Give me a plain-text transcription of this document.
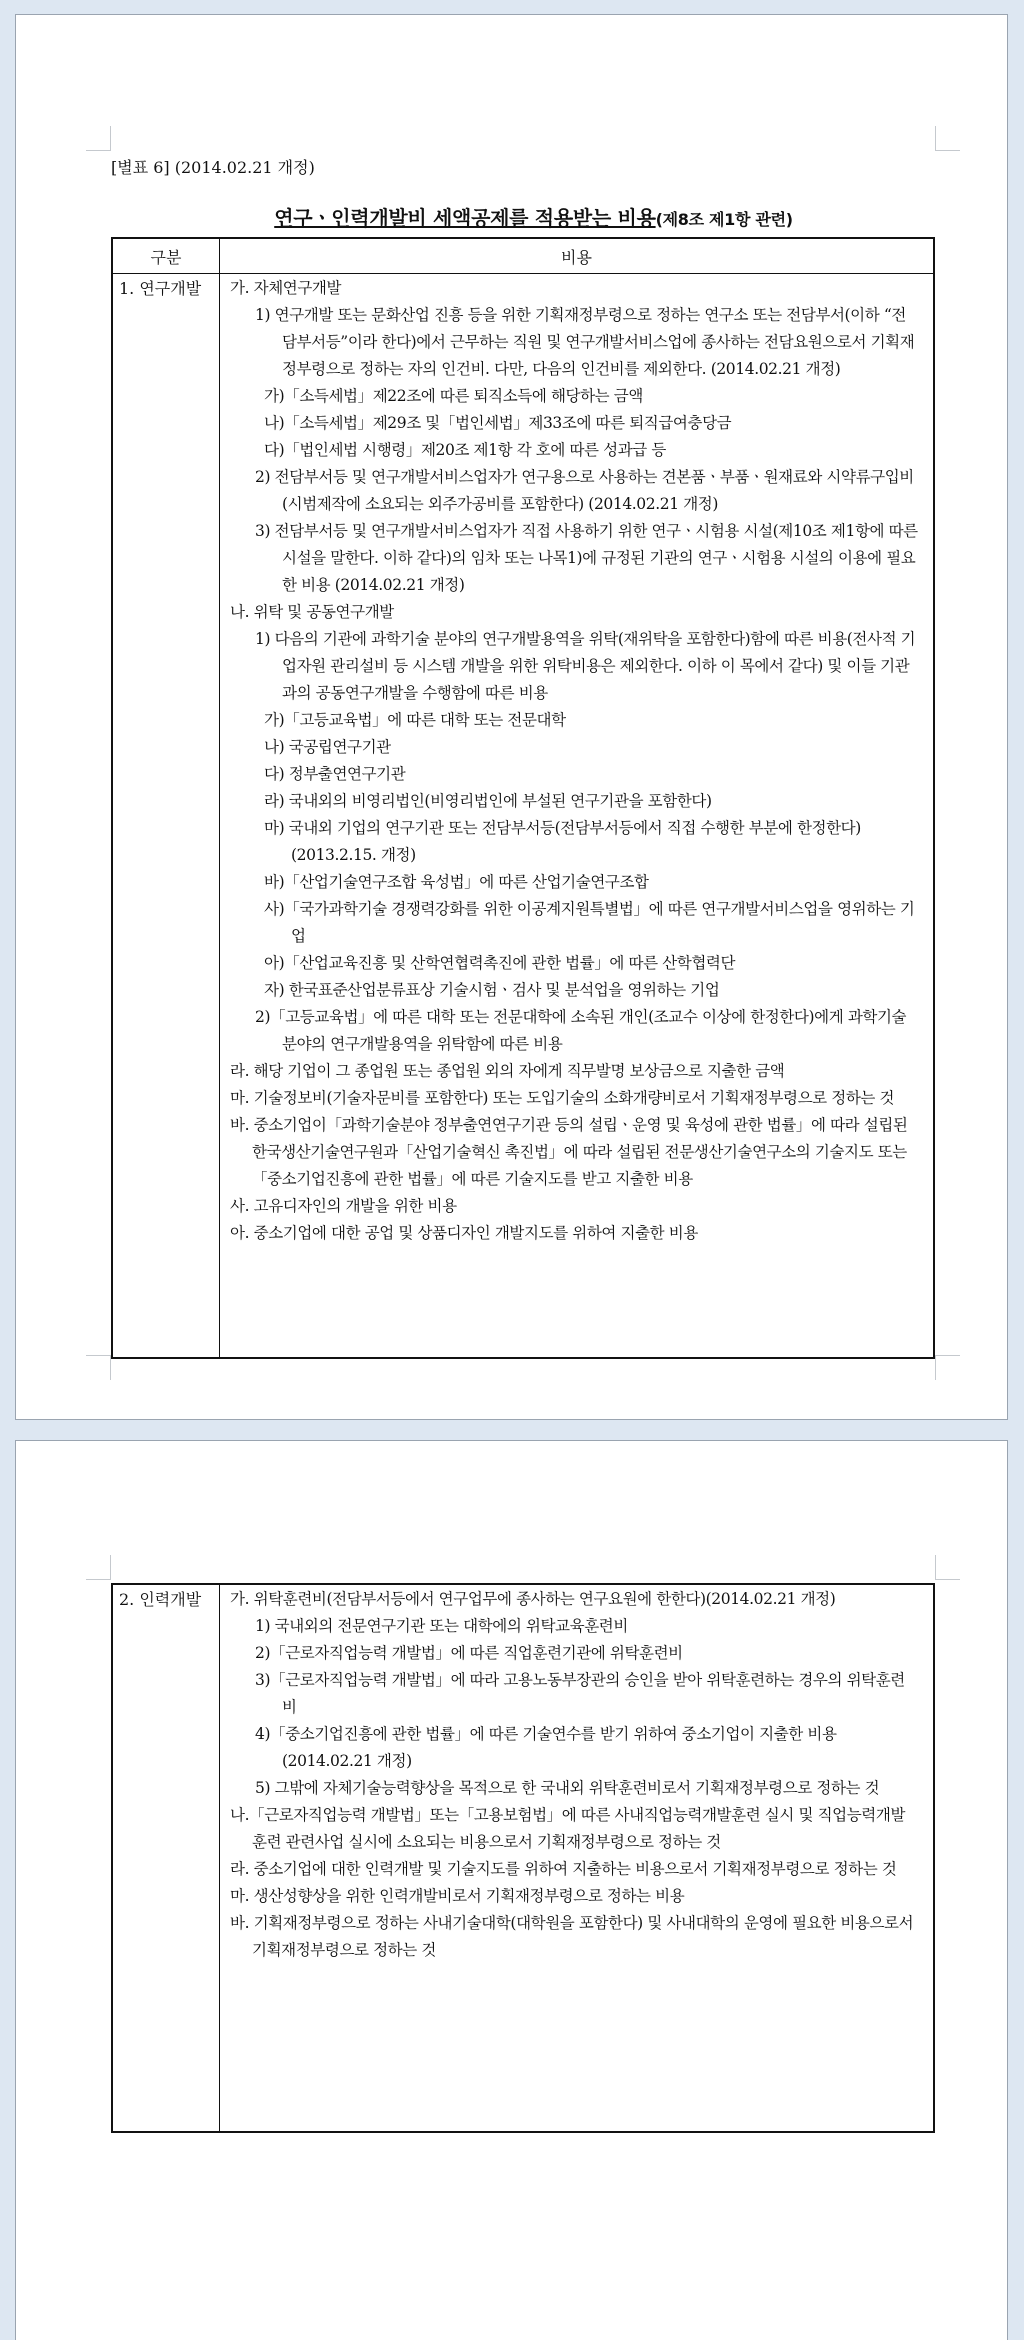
[별표 6] (2014.02.21 개정)

연구ㆍ인력개발비 세액공제를 적용받는 비용(제8조 제1항 관련)
구분	비용
1. 연구개발	가. 자체연구개발

1) 연구개발 또는 문화산업 진흥 등을 위한 기획재정부령으로 정하는 연구소 또는 전담부서(이하 “전담부서등”이라 한다)에서 근무하는 직원 및 연구개발서비스업에 종사하는 전담요원으로서 기획재정부령으로 정하는 자의 인건비. 다만, 다음의 인건비를 제외한다. (2014.02.21 개정)

가)「소득세법」제22조에 따른 퇴직소득에 해당하는 금액

나)「소득세법」제29조 및「법인세법」제33조에 따른 퇴직급여충당금

다)「법인세법 시행령」제20조 제1항 각 호에 따른 성과급 등

2) 전담부서등 및 연구개발서비스업자가 연구용으로 사용하는 견본품ㆍ부품ㆍ원재료와 시약류구입비(시범제작에 소요되는 외주가공비를 포함한다) (2014.02.21 개정)

3) 전담부서등 및 연구개발서비스업자가 직접 사용하기 위한 연구ㆍ시험용 시설(제10조 제1항에 따른 시설을 말한다. 이하 같다)의 임차 또는 나목1)에 규정된 기관의 연구ㆍ시험용 시설의 이용에 필요한 비용 (2014.02.21 개정)

나. 위탁 및 공동연구개발

1) 다음의 기관에 과학기술 분야의 연구개발용역을 위탁(재위탁을 포함한다)함에 따른 비용(전사적 기업자원 관리설비 등 시스템 개발을 위한 위탁비용은 제외한다. 이하 이 목에서 같다) 및 이들 기관과의 공동연구개발을 수행함에 따른 비용

가)「고등교육법」에 따른 대학 또는 전문대학

나) 국공립연구기관

다) 정부출연연구기관

라) 국내외의 비영리법인(비영리법인에 부설된 연구기관을 포함한다)

마) 국내외 기업의 연구기관 또는 전담부서등(전담부서등에서 직접 수행한 부분에 한정한다) (2013.2.15. 개정)

바)「산업기술연구조합 육성법」에 따른 산업기술연구조합

사)「국가과학기술 경쟁력강화를 위한 이공계지원특별법」에 따른 연구개발서비스업을 영위하는 기업

아)「산업교육진흥 및 산학연협력촉진에 관한 법률」에 따른 산학협력단

자) 한국표준산업분류표상 기술시험ㆍ검사 및 분석업을 영위하는 기업

2)「고등교육법」에 따른 대학 또는 전문대학에 소속된 개인(조교수 이상에 한정한다)에게 과학기술분야의 연구개발용역을 위탁함에 따른 비용

라. 해당 기업이 그 종업원 또는 종업원 외의 자에게 직무발명 보상금으로 지출한 금액

마. 기술정보비(기술자문비를 포함한다) 또는 도입기술의 소화개량비로서 기획재정부령으로 정하는 것

바. 중소기업이「과학기술분야 정부출연연구기관 등의 설립ㆍ운영 및 육성에 관한 법률」에 따라 설립된 한국생산기술연구원과「산업기술혁신 촉진법」에 따라 설립된 전문생산기술연구소의 기술지도 또는「중소기업진흥에 관한 법률」에 따른 기술지도를 받고 지출한 비용

사. 고유디자인의 개발을 위한 비용

아. 중소기업에 대한 공업 및 상품디자인 개발지도를 위하여 지출한 비용

2. 인력개발	가. 위탁훈련비(전담부서등에서 연구업무에 종사하는 연구요원에 한한다)(2014.02.21 개정)

1) 국내외의 전문연구기관 또는 대학에의 위탁교육훈련비

2)「근로자직업능력 개발법」에 따른 직업훈련기관에 위탁훈련비

3)「근로자직업능력 개발법」에 따라 고용노동부장관의 승인을 받아 위탁훈련하는 경우의 위탁훈련비

4)「중소기업진흥에 관한 법률」에 따른 기술연수를 받기 위하여 중소기업이 지출한 비용 (2014.02.21 개정)

5) 그밖에 자체기술능력향상을 목적으로 한 국내외 위탁훈련비로서 기획재정부령으로 정하는 것

나.「근로자직업능력 개발법」또는「고용보험법」에 따른 사내직업능력개발훈련 실시 및 직업능력개발훈련 관련사업 실시에 소요되는 비용으로서 기획재정부령으로 정하는 것

라. 중소기업에 대한 인력개발 및 기술지도를 위하여 지출하는 비용으로서 기획재정부령으로 정하는 것

마. 생산성향상을 위한 인력개발비로서 기획재정부령으로 정하는 비용

바. 기획재정부령으로 정하는 사내기술대학(대학원을 포함한다) 및 사내대학의 운영에 필요한 비용으로서 기획재정부령으로 정하는 것
